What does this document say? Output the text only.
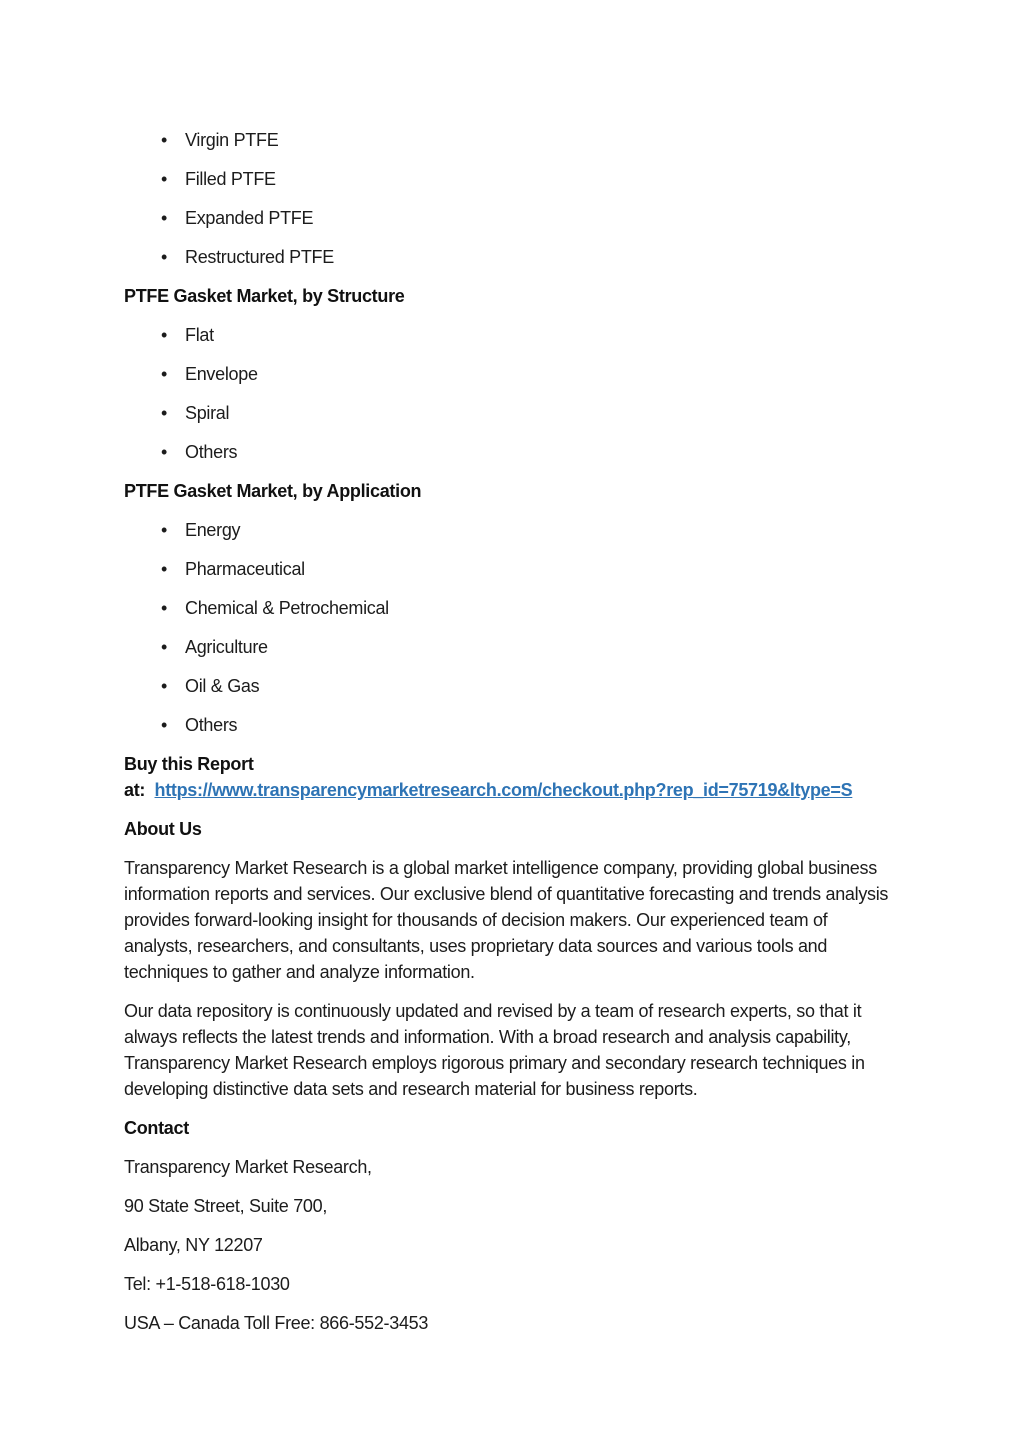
• Virgin PTFE
• Filled PTFE
• Expanded PTFE
• Restructured PTFE

PTFE Gasket Market, by Structure

• Flat
• Envelope
• Spiral
• Others

PTFE Gasket Market, by Application

• Energy
• Pharmaceutical
• Chemical & Petrochemical
• Agriculture
• Oil & Gas
• Others

Buy this Report
at: https://www.transparencymarketresearch.com/checkout.php?rep_id=75719&ltype=S

About Us

Transparency Market Research is a global market intelligence company, providing global business information reports and services. Our exclusive blend of quantitative forecasting and trends analysis provides forward-looking insight for thousands of decision makers. Our experienced team of analysts, researchers, and consultants, uses proprietary data sources and various tools and techniques to gather and analyze information.

Our data repository is continuously updated and revised by a team of research experts, so that it always reflects the latest trends and information. With a broad research and analysis capability, Transparency Market Research employs rigorous primary and secondary research techniques in developing distinctive data sets and research material for business reports.

Contact

Transparency Market Research,

90 State Street, Suite 700,

Albany, NY 12207

Tel: +1-518-618-1030

USA – Canada Toll Free: 866-552-3453
